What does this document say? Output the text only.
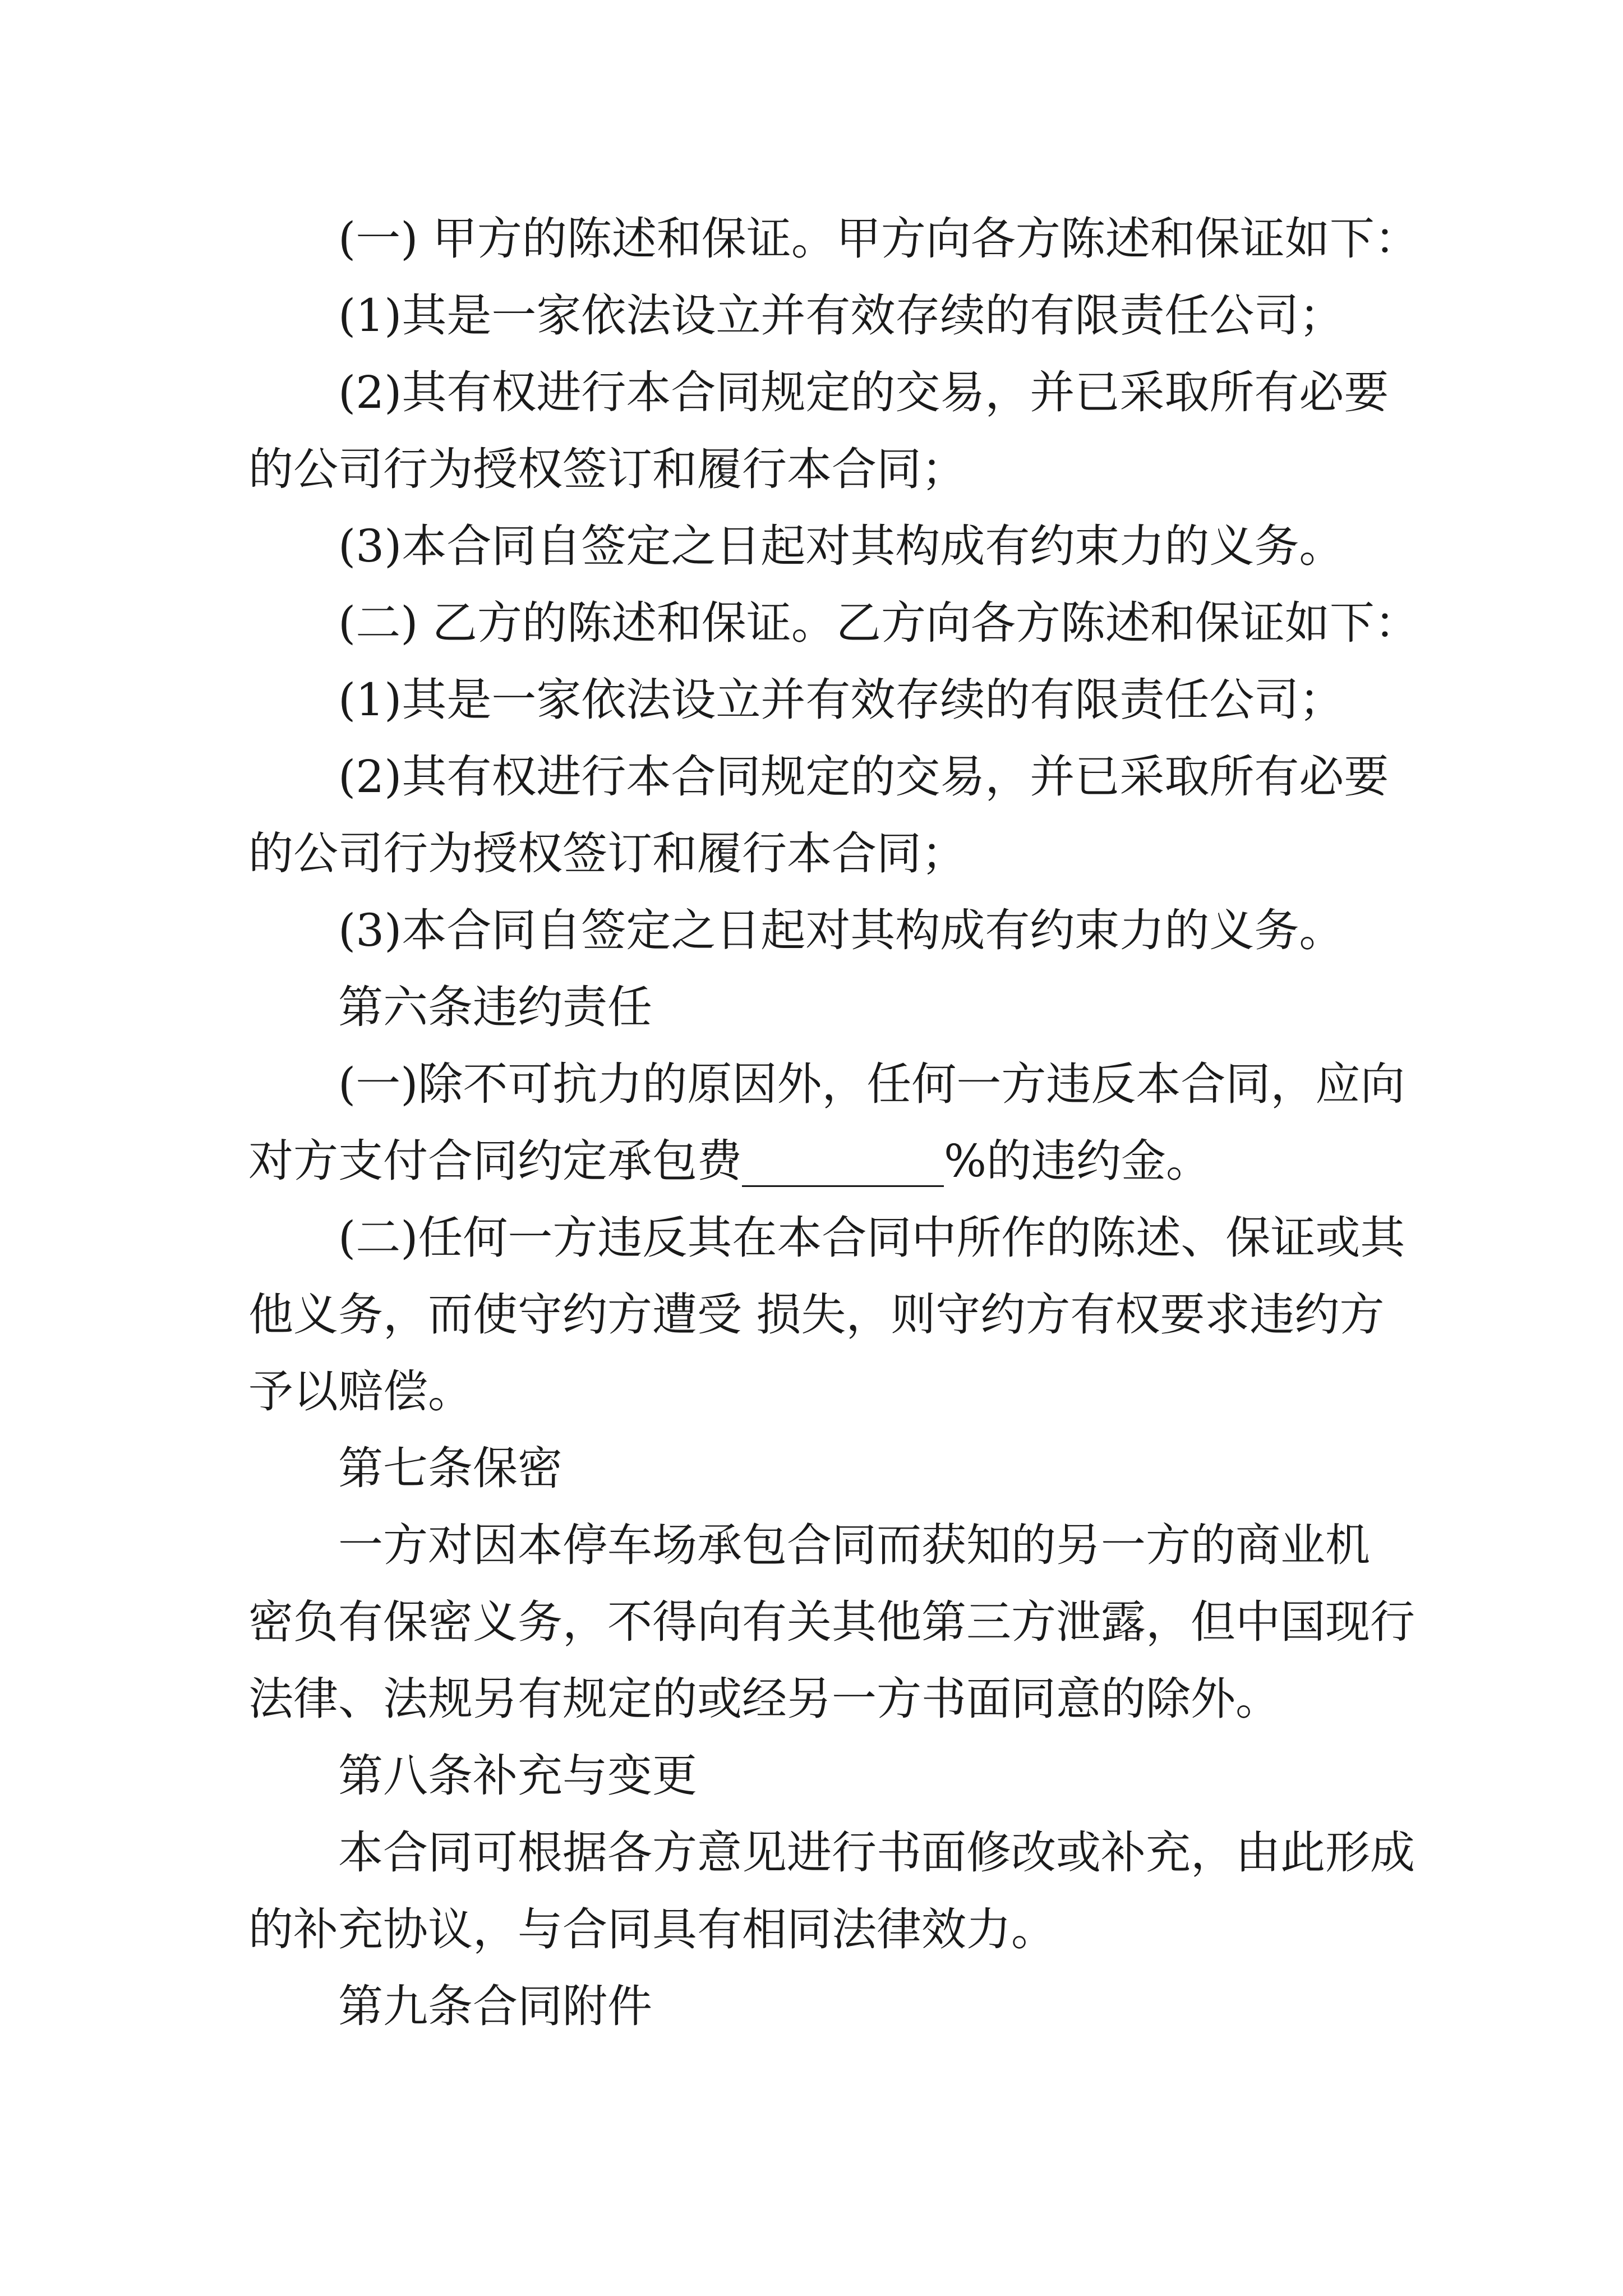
(一) 甲方的陈述和保证。甲方向各方陈述和保证如下：
(1)其是一家依法设立并有效存续的有限责任公司；
(2)其有权进行本合同规定的交易，并已采取所有必要
的公司行为授权签订和履行本合同；
(3)本合同自签定之日起对其构成有约束力的义务。
(二) 乙方的陈述和保证。乙方向各方陈述和保证如下：
(1)其是一家依法设立并有效存续的有限责任公司；
(2)其有权进行本合同规定的交易，并已采取所有必要
的公司行为授权签订和履行本合同；
(3)本合同自签定之日起对其构成有约束力的义务。
第六条违约责任
(一)除不可抗力的原因外，任何一方违反本合同，应向
对方支付合同约定承包费_________%的违约金。
(二)任何一方违反其在本合同中所作的陈述、保证或其
他义务，而使守约方遭受 损失，则守约方有权要求违约方
予以赔偿。
第七条保密
一方对因本停车场承包合同而获知的另一方的商业机
密负有保密义务，不得向有关其他第三方泄露，但中国现行
法律、法规另有规定的或经另一方书面同意的除外。
第八条补充与变更
本合同可根据各方意见进行书面修改或补充，由此形成
的补充协议，与合同具有相同法律效力。
第九条合同附件
